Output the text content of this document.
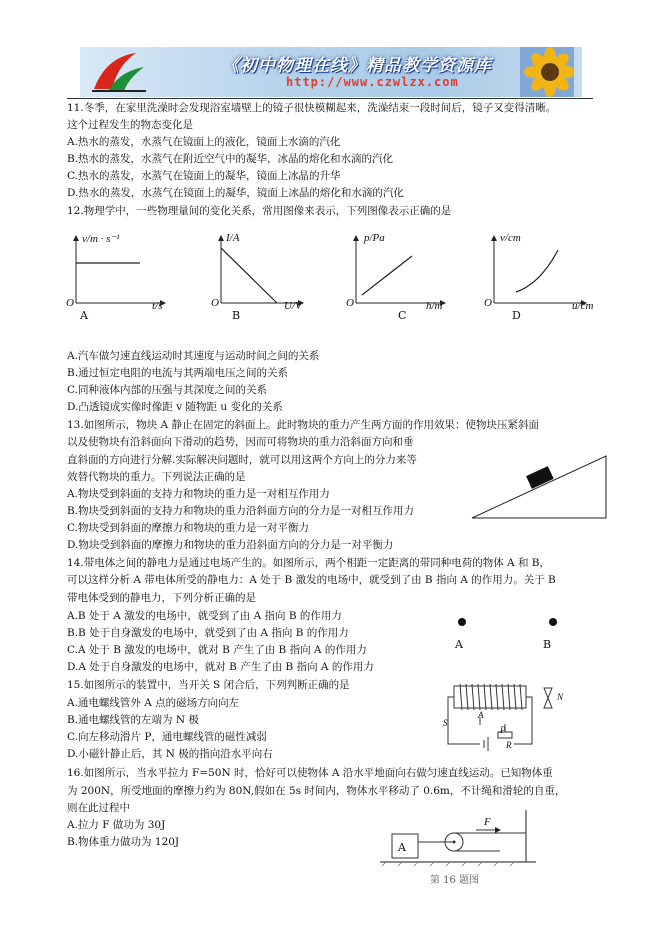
《初中物理在线》精品教学资源库
http://www.czwlzx.com
11.冬季，在家里洗澡时会发现浴室墙壁上的镜子很快模糊起来，洗澡结束一段时间后，镜子又变得清晰。
这个过程发生的物态变化是
A.热水的蒸发，水蒸气在镜面上的液化，镜面上水滴的汽化
B.热水的蒸发，水蒸气在附近空气中的凝华，冰晶的熔化和水滴的汽化
C.热水的蒸发，水蒸气在镜面上的凝华，镜面上冰晶的升华
D.热水的蒸发，水蒸气在镜面上的凝华，镜面上冰晶的熔化和水滴的汽化
12.物理学中，一些物理量间的变化关系，常用图像来表示，下列图像表示正确的是
v/m · s⁻¹
t/s
O
A
I/A
U/V
O
B
p/Pa
h/m
O
C
v/cm
u/cm
O
D
A.汽车做匀速直线运动时其速度与运动时间之间的关系
B.通过恒定电阻的电流与其两端电压之间的关系
C.同种液体内部的压强与其深度之间的关系
D.凸透镜成实像时像距 v 随物距 u 变化的关系
13.如图所示，物块 A 静止在固定的斜面上。此时物块的重力产生两方面的作用效果：使物块压紧斜面
以及使物块有沿斜面向下滑动的趋势，因而可将物块的重力沿斜面方向和垂
直斜面的方向进行分解.实际解决问题时，就可以用这两个方向上的分力来等
效替代物块的重力。下列说法正确的是
A.物块受到斜面的支持力和物块的重力是一对相互作用力
B.物块受到斜面的支持力和物块的重力沿斜面方向的分力是一对相互作用力
C.物块受到斜面的摩擦力和物块的重力是一对平衡力
D.物块受到斜面的摩擦力和物块的重力沿斜面方向的分力是一对平衡力
14.带电体之间的静电力是通过电场产生的。如图所示，两个相距一定距离的带同种电荷的物体 A 和 B，
可以这样分析 A 带电体所受的静电力：A 处于 B 激发的电场中，就受到了由 B 指向 A 的作用力。关于 B
带电体受到的静电力，下列分析正确的是
A.B 处于 A 激发的电场中，就受到了由 A 指向 B 的作用力
B.B 处于自身激发的电场中，就受到了由 A 指向 B 的作用力
C.A 处于 B 激发的电场中，就对 B 产生了由 B 指向 A 的作用力
D.A 处于自身激发的电场中，就对 B 产生了由 B 指向 A 的作用力
A	B
15.如图所示的装置中，当开关 S 闭合后，下列判断正确的是
A.通电螺线管外 A 点的磁场方向向左
B.通电螺线管的左端为 N 极
C.向左移动滑片 P，通电螺线管的磁性减弱
D.小磁针静止后，其 N 极的指向沿水平向右
N
S
A
P
R
16.如图所示，当水平拉力 F=50N 时，恰好可以使物体 A 沿水平地面向右做匀速直线运动。已知物体重
为 200N，所受地面的摩擦力约为 80N,假如在 5s 时间内，物体水平移动了 0.6m，不计绳和滑轮的自重，
则在此过程中
A.拉力 F 做功为 30J
B.物体重力做功为 120J	A
F
第 16 题图
